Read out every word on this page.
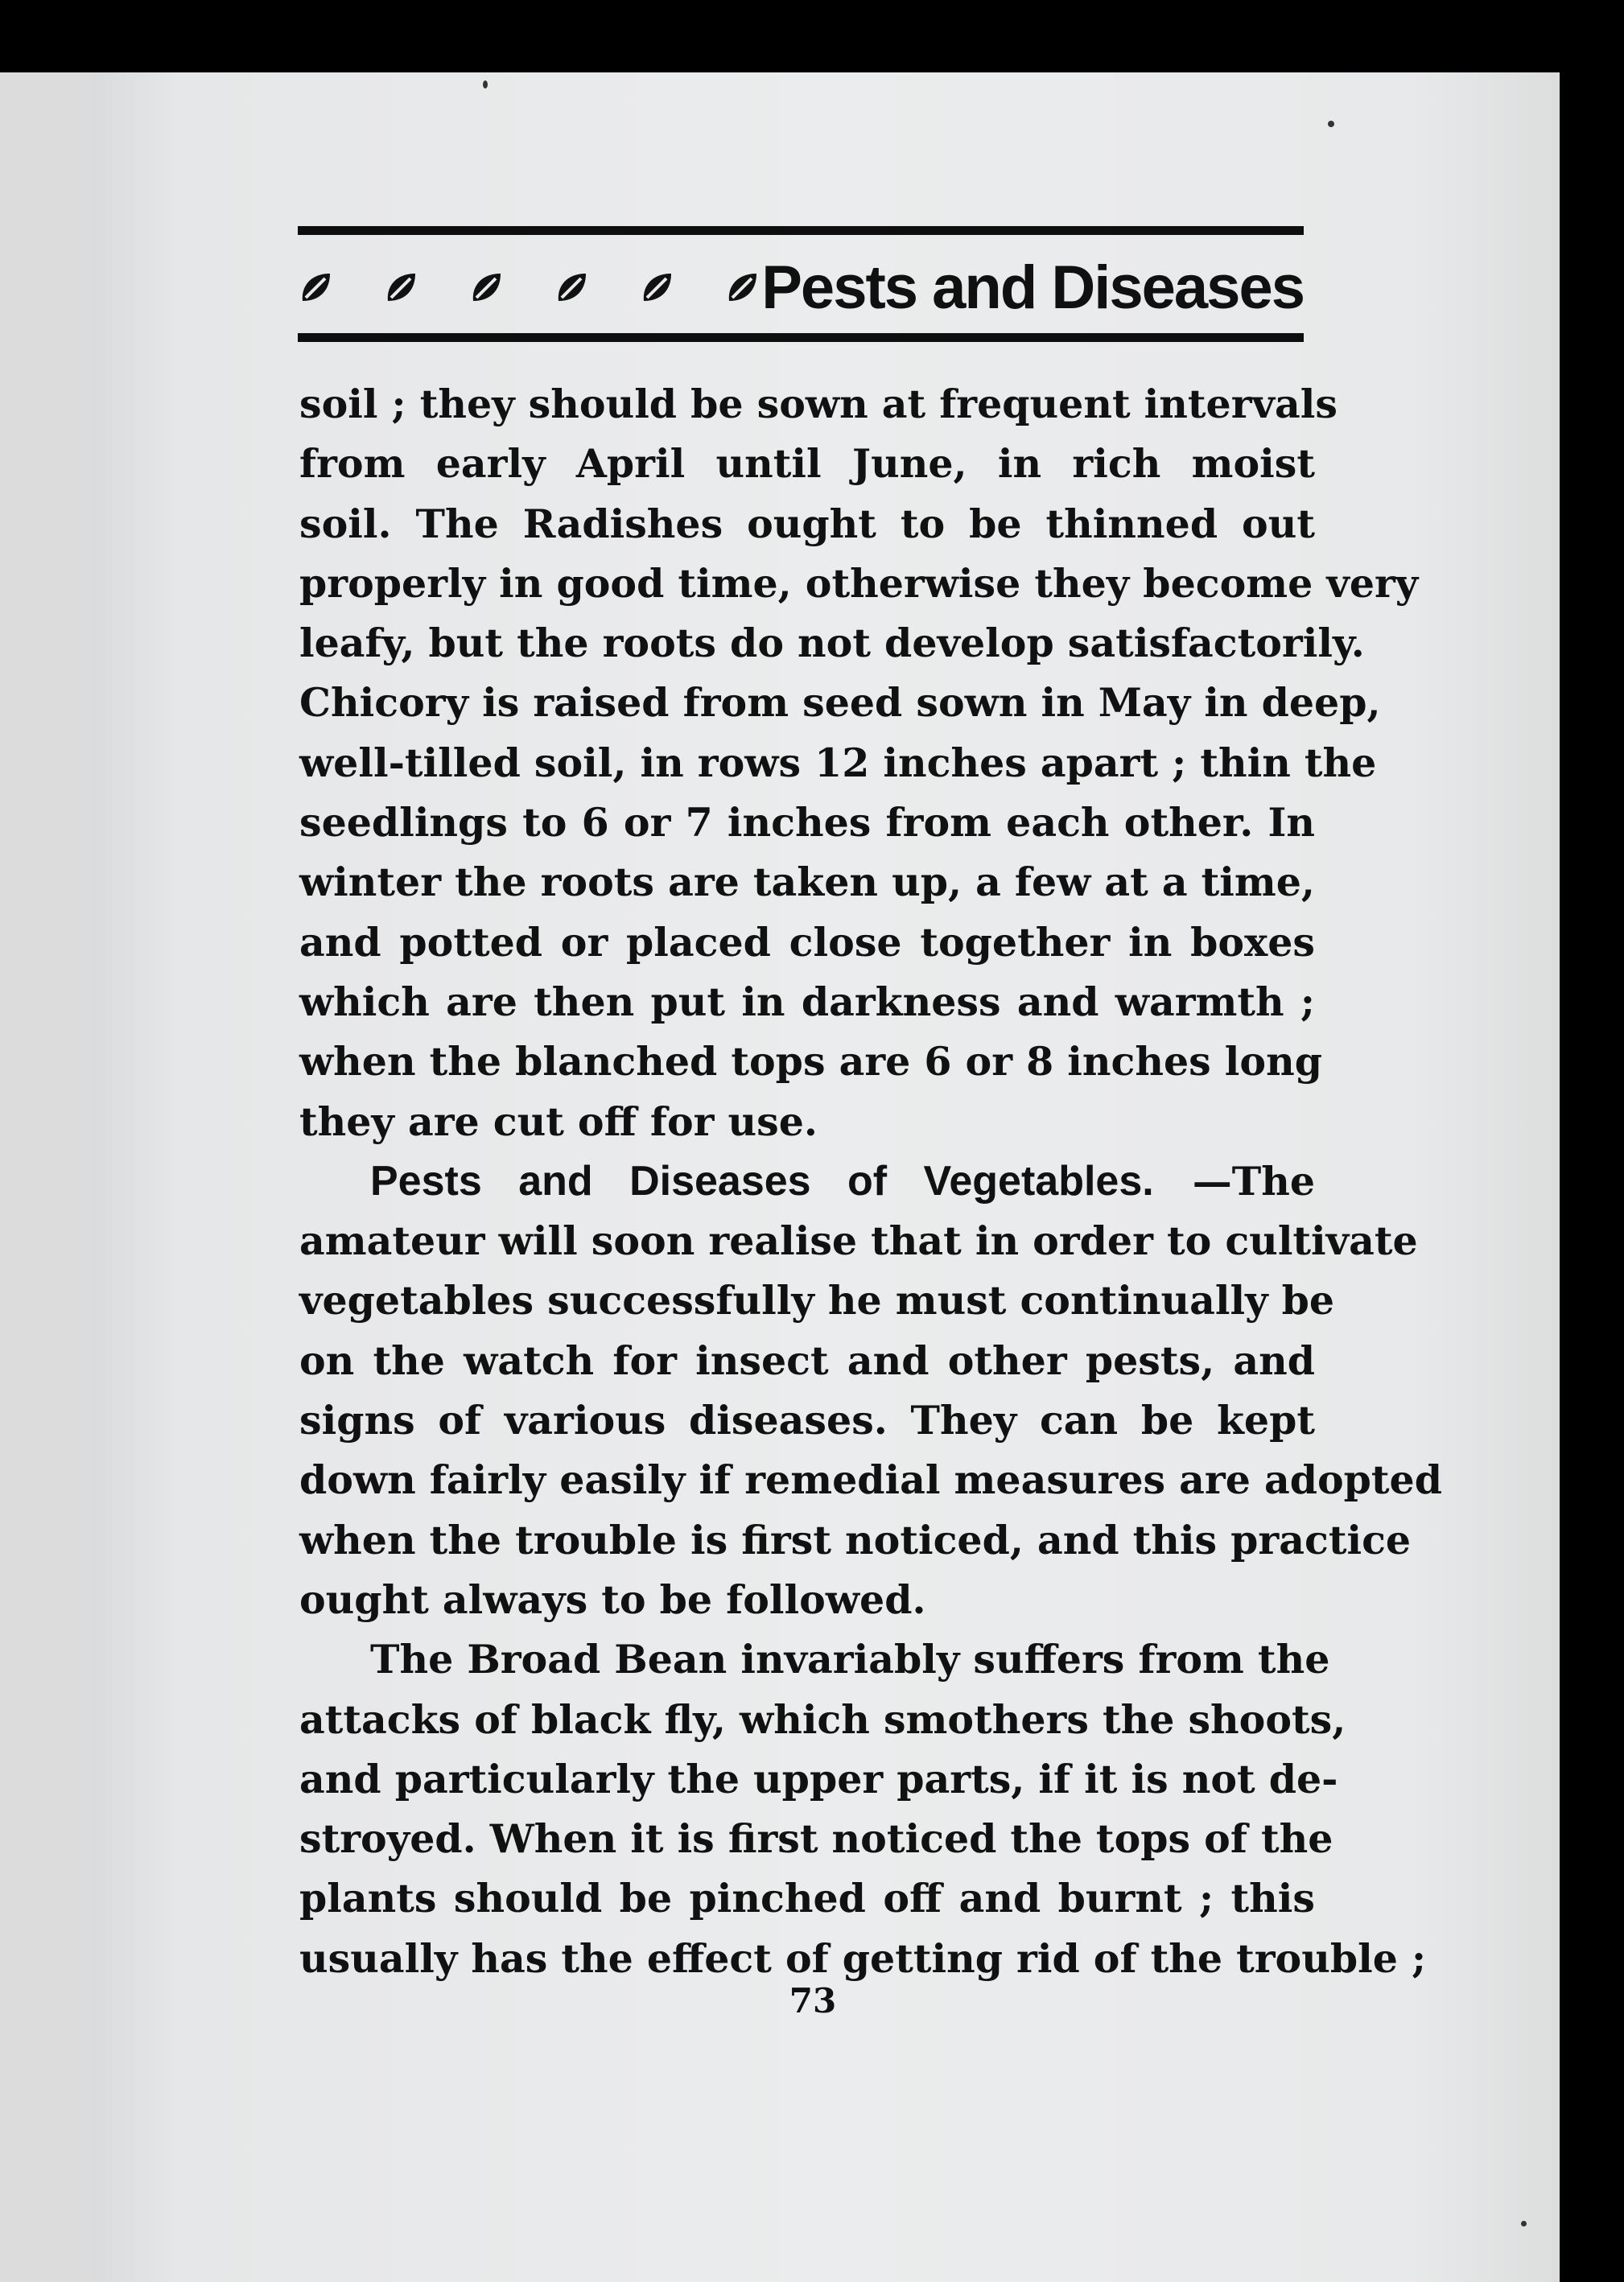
Pests and Diseases
soil ; they should be sown at frequent intervals
from early April until June, in rich moist
soil. The Radishes ought to be thinned out
properly in good time, otherwise they become very
leafy, but the roots do not develop satisfactorily.
Chicory is raised from seed sown in May in deep,
well-tilled soil, in rows 12 inches apart ; thin the
seedlings to 6 or 7 inches from each other. In
winter the roots are taken up, a few at a time,
and potted or placed close together in boxes
which are then put in darkness and warmth ;
when the blanched tops are 6 or 8 inches long
they are cut off for use.
Pests and Diseases of Vegetables. —The
amateur will soon realise that in order to cultivate
vegetables successfully he must continually be
on the watch for insect and other pests, and
signs of various diseases. They can be kept
down fairly easily if remedial measures are adopted
when the trouble is first noticed, and this practice
ought always to be followed.
The Broad Bean invariably suffers from the
attacks of black fly, which smothers the shoots,
and particularly the upper parts, if it is not de-
stroyed. When it is first noticed the tops of the
plants should be pinched off and burnt ; this
usually has the effect of getting rid of the trouble ;
73
